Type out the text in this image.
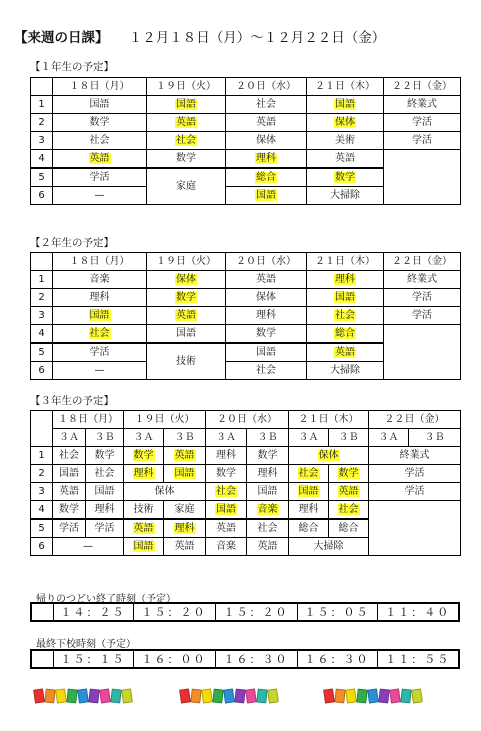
【来週の日課】　　 １２月１８日（月）～１２月２２日（金）
【１年生の予定】
	１８日（月）	１９日（火）	２０日（水）	２１日（木）	２２日（金）
1	国語	国語	社会	国語	終業式
2	数学	英語	英語	保体	学活
3	社会	社会	保体	美術	学活
4	英語	数学	理科	英語	
5	学活	家庭	総合	数学	
6	—		国語	大掃除	
【２年生の予定】
	１８日（月）	１９日（火）	２０日（水）	２１日（木）	２２日（金）
1	音楽	保体	英語	理科	終業式
2	理科	数学	保体	国語	学活
3	国語	英語	理科	社会	学活
4	社会	国語	数学	総合	
5	学活	技術	国語	英語	
6	—		社会	大掃除	
【３年生の予定】
	１８日（月）		１９日（火）		２０日（水）		２１日（木）		２２日（金）	
	３Ａ	３Ｂ	３Ａ	３Ｂ	３Ａ	３Ｂ	３Ａ	３Ｂ	３Ａ	３Ｂ
1	社会	数学	数学	英語	理科	数学	保体		終業式	
2	国語	社会	理科	国語	数学	理科	社会	数学	学活	
3	英語	国語	保体		社会	国語	国語	英語	学活	
4	数学	理科	技術	家庭	国語	音楽	理科	社会		
5	学活	学活	英語	理科	英語	社会	総合	総合		
6	—		国語	英語	音楽	英語	大掃除			
帰りのつどい終了時刻（予定）
	１４：２５	１５：２０	１５：２０	１５：０５	１１：４０
最終下校時刻（予定）
	１５：１５	１６：００	１６：３０	１６：３０	１１：５５
